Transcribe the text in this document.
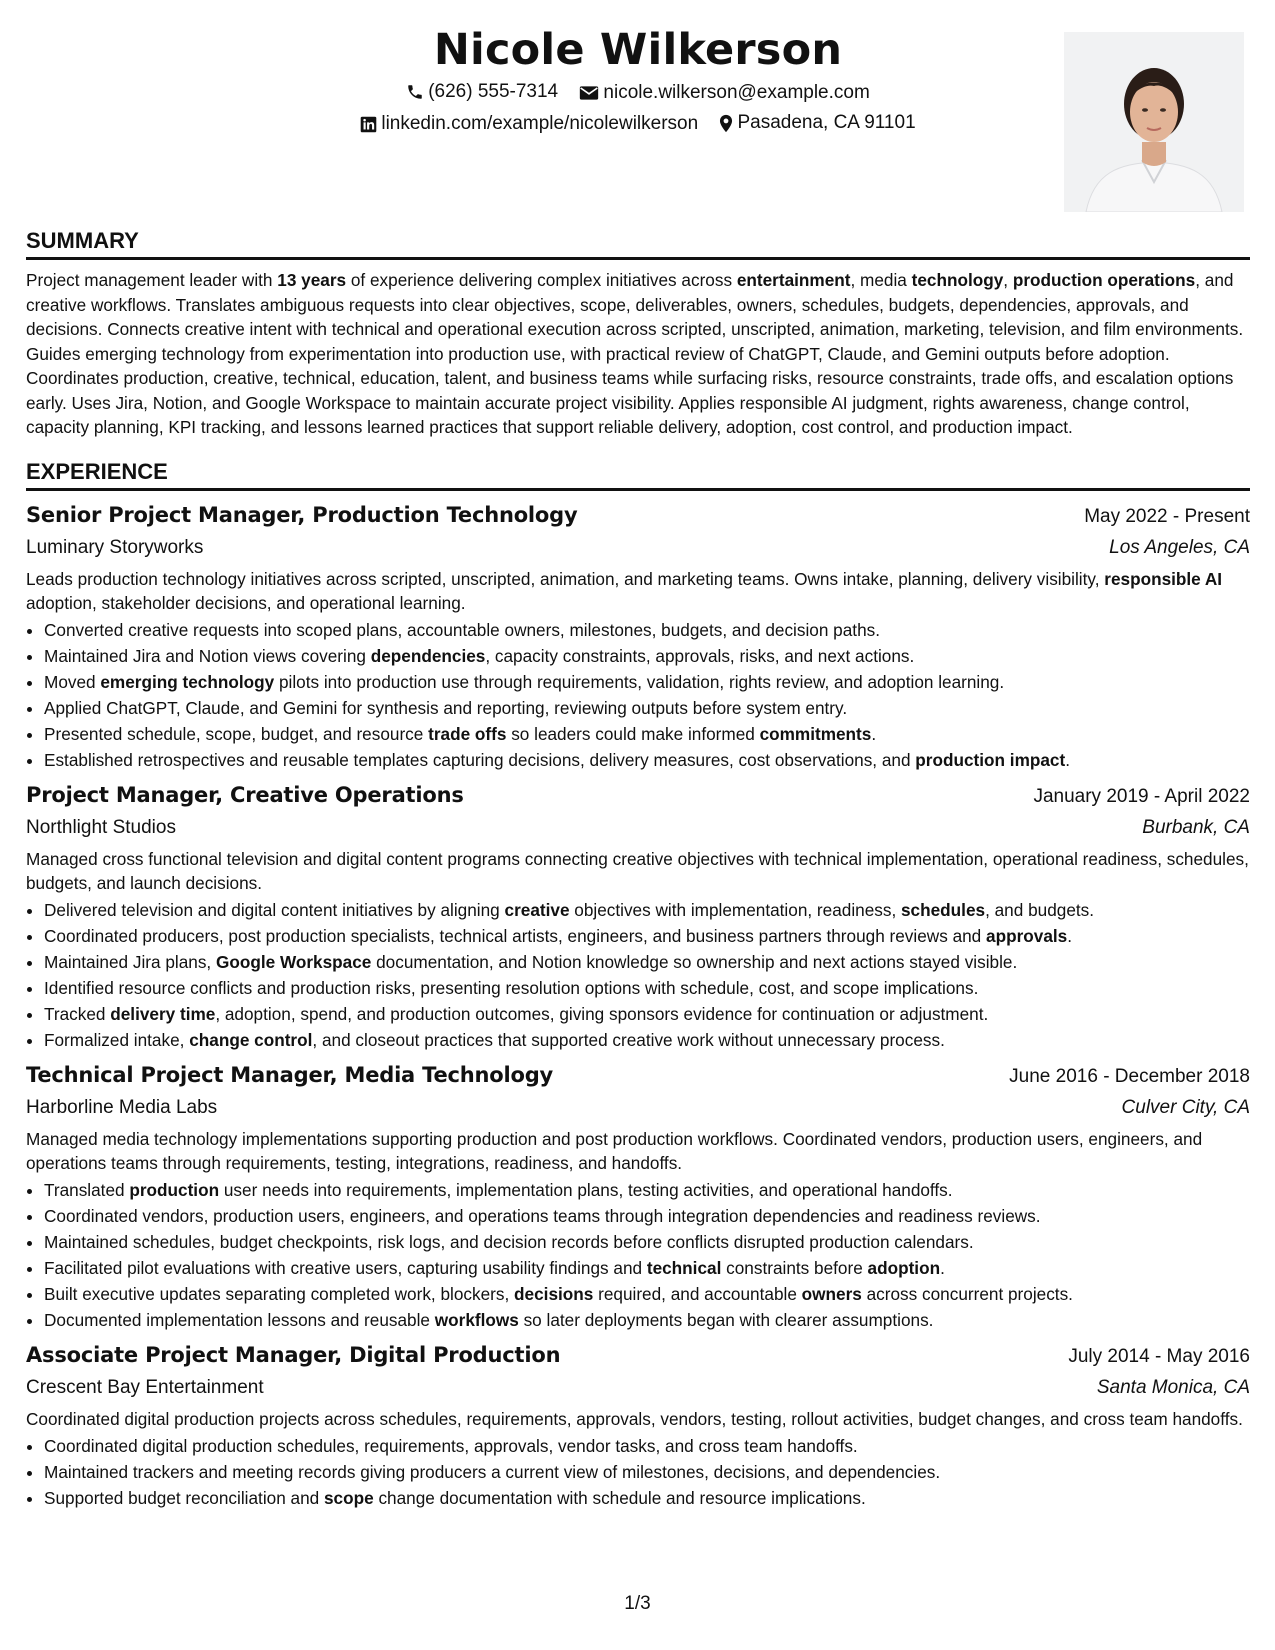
Nicole Wilkerson
(626) 555-7314
nicole.wilkerson@example.com
linkedin.com/example/nicolewilkerson
Pasadena, CA 91101
SUMMARY
Project management leader with 13 years of experience delivering complex initiatives across entertainment, media technology, production operations, and creative workflows. Translates ambiguous requests into clear objectives, scope, deliverables, owners, schedules, budgets, dependencies, approvals, and decisions. Connects creative intent with technical and operational execution across scripted, unscripted, animation, marketing, television, and film environments. Guides emerging technology from experimentation into production use, with practical review of ChatGPT, Claude, and Gemini outputs before adoption. Coordinates production, creative, technical, education, talent, and business teams while surfacing risks, resource constraints, trade offs, and escalation options early. Uses Jira, Notion, and Google Workspace to maintain accurate project visibility. Applies responsible AI judgment, rights awareness, change control, capacity planning, KPI tracking, and lessons learned practices that support reliable delivery, adoption, cost control, and production impact.
EXPERIENCE
Senior Project Manager, Production Technology	May 2022 - Present
Luminary Storyworks	Los Angeles, CA
Leads production technology initiatives across scripted, unscripted, animation, and marketing teams. Owns intake, planning, delivery visibility, responsible AI adoption, stakeholder decisions, and operational learning.
• Converted creative requests into scoped plans, accountable owners, milestones, budgets, and decision paths.
• Maintained Jira and Notion views covering dependencies, capacity constraints, approvals, risks, and next actions.
• Moved emerging technology pilots into production use through requirements, validation, rights review, and adoption learning.
• Applied ChatGPT, Claude, and Gemini for synthesis and reporting, reviewing outputs before system entry.
• Presented schedule, scope, budget, and resource trade offs so leaders could make informed commitments.
• Established retrospectives and reusable templates capturing decisions, delivery measures, cost observations, and production impact.
Project Manager, Creative Operations	January 2019 - April 2022
Northlight Studios	Burbank, CA
Managed cross functional television and digital content programs connecting creative objectives with technical implementation, operational readiness, schedules, budgets, and launch decisions.
• Delivered television and digital content initiatives by aligning creative objectives with implementation, readiness, schedules, and budgets.
• Coordinated producers, post production specialists, technical artists, engineers, and business partners through reviews and approvals.
• Maintained Jira plans, Google Workspace documentation, and Notion knowledge so ownership and next actions stayed visible.
• Identified resource conflicts and production risks, presenting resolution options with schedule, cost, and scope implications.
• Tracked delivery time, adoption, spend, and production outcomes, giving sponsors evidence for continuation or adjustment.
• Formalized intake, change control, and closeout practices that supported creative work without unnecessary process.
Technical Project Manager, Media Technology	June 2016 - December 2018
Harborline Media Labs	Culver City, CA
Managed media technology implementations supporting production and post production workflows. Coordinated vendors, production users, engineers, and operations teams through requirements, testing, integrations, readiness, and handoffs.
• Translated production user needs into requirements, implementation plans, testing activities, and operational handoffs.
• Coordinated vendors, production users, engineers, and operations teams through integration dependencies and readiness reviews.
• Maintained schedules, budget checkpoints, risk logs, and decision records before conflicts disrupted production calendars.
• Facilitated pilot evaluations with creative users, capturing usability findings and technical constraints before adoption.
• Built executive updates separating completed work, blockers, decisions required, and accountable owners across concurrent projects.
• Documented implementation lessons and reusable workflows so later deployments began with clearer assumptions.
Associate Project Manager, Digital Production	July 2014 - May 2016
Crescent Bay Entertainment	Santa Monica, CA
Coordinated digital production projects across schedules, requirements, approvals, vendors, testing, rollout activities, budget changes, and cross team handoffs.
• Coordinated digital production schedules, requirements, approvals, vendor tasks, and cross team handoffs.
• Maintained trackers and meeting records giving producers a current view of milestones, decisions, and dependencies.
• Supported budget reconciliation and scope change documentation with schedule and resource implications.
1/3
